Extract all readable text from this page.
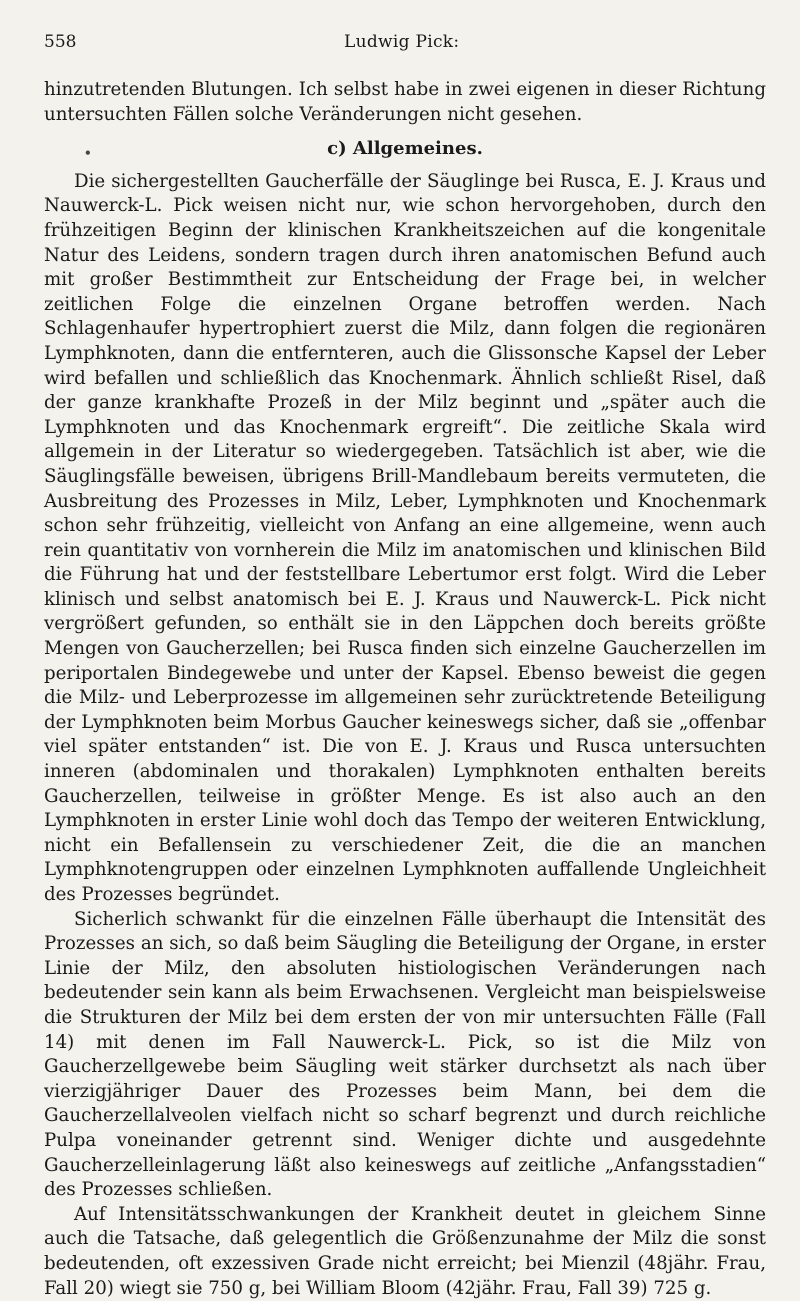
558	Ludwig Pick:

hinzutretenden Blutungen. Ich selbst habe in zwei eigenen in dieser Richtung untersuchten Fällen solche Veränderungen nicht gesehen.

•	c) Allgemeines.

Die sichergestellten Gaucherfälle der Säuglinge bei Rusca, E. J. Kraus und Nauwerck-L. Pick weisen nicht nur, wie schon hervorgehoben, durch den frühzeitigen Beginn der klinischen Krankheitszeichen auf die kongenitale Natur des Leidens, sondern tragen durch ihren anatomischen Befund auch mit großer Bestimmtheit zur Entscheidung der Frage bei, in welcher zeitlichen Folge die einzelnen Organe betroffen werden. Nach Schlagenhaufer hypertrophiert zuerst die Milz, dann folgen die regionären Lymphknoten, dann die entfernteren, auch die Glissonsche Kapsel der Leber wird befallen und schließlich das Knochenmark. Ähnlich schließt Risel, daß der ganze krankhafte Prozeß in der Milz beginnt und „später auch die Lymphknoten und das Knochenmark ergreift“. Die zeitliche Skala wird allgemein in der Literatur so wiedergegeben. Tatsächlich ist aber, wie die Säuglingsfälle beweisen, übrigens Brill-Mandlebaum bereits vermuteten, die Ausbreitung des Prozesses in Milz, Leber, Lymphknoten und Knochenmark schon sehr frühzeitig, vielleicht von Anfang an eine allgemeine, wenn auch rein quantitativ von vornherein die Milz im anatomischen und klinischen Bild die Führung hat und der feststellbare Lebertumor erst folgt. Wird die Leber klinisch und selbst anatomisch bei E. J. Kraus und Nauwerck-L. Pick nicht vergrößert gefunden, so enthält sie in den Läppchen doch bereits größte Mengen von Gaucherzellen; bei Rusca finden sich einzelne Gaucherzellen im periportalen Bindegewebe und unter der Kapsel. Ebenso beweist die gegen die Milz- und Leberprozesse im allgemeinen sehr zurücktretende Beteiligung der Lymphknoten beim Morbus Gaucher keineswegs sicher, daß sie „offenbar viel später entstanden“ ist. Die von E. J. Kraus und Rusca untersuchten inneren (abdominalen und thorakalen) Lymphknoten enthalten bereits Gaucherzellen, teilweise in größter Menge. Es ist also auch an den Lymphknoten in erster Linie wohl doch das Tempo der weiteren Entwicklung, nicht ein Befallensein zu verschiedener Zeit, die die an manchen Lymphknotengruppen oder einzelnen Lymphknoten auffallende Ungleichheit des Prozesses begründet.

Sicherlich schwankt für die einzelnen Fälle überhaupt die Intensität des Prozesses an sich, so daß beim Säugling die Beteiligung der Organe, in erster Linie der Milz, den absoluten histiologischen Veränderungen nach bedeutender sein kann als beim Erwachsenen. Vergleicht man beispielsweise die Strukturen der Milz bei dem ersten der von mir untersuchten Fälle (Fall 14) mit denen im Fall Nauwerck-L. Pick, so ist die Milz von Gaucherzellgewebe beim Säugling weit stärker durchsetzt als nach über vierzigjähriger Dauer des Prozesses beim Mann, bei dem die Gaucherzellalveolen vielfach nicht so scharf begrenzt und durch reichliche Pulpa voneinander getrennt sind. Weniger dichte und ausgedehnte Gaucherzelleinlagerung läßt also keineswegs auf zeitliche „Anfangsstadien“ des Prozesses schließen.

Auf Intensitätsschwankungen der Krankheit deutet in gleichem Sinne auch die Tatsache, daß gelegentlich die Größenzunahme der Milz die sonst bedeutenden, oft exzessiven Grade nicht erreicht; bei Mienzil (48jähr. Frau, Fall 20) wiegt sie 750 g, bei William Bloom (42jähr. Frau, Fall 39) 725 g.
